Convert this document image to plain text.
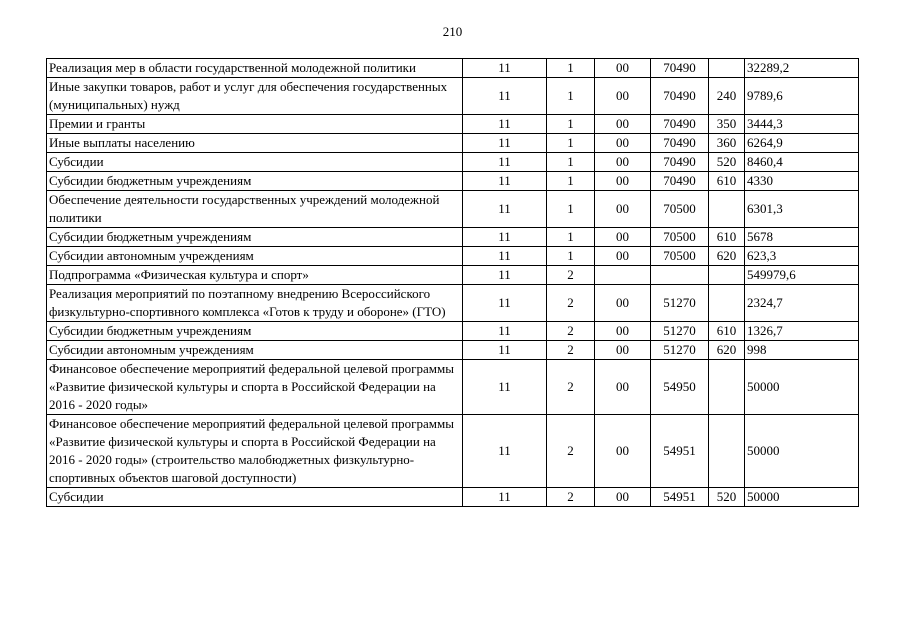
210
Реализация мер в области государственной молодежной политики	11	1	00	70490		32289,2
Иные закупки товаров, работ и услуг для обеспечения государственных (муниципальных) нужд	11	1	00	70490	240	9789,6
Премии и гранты	11	1	00	70490	350	3444,3
Иные выплаты населению	11	1	00	70490	360	6264,9
Субсидии	11	1	00	70490	520	8460,4
Субсидии бюджетным учреждениям	11	1	00	70490	610	4330
Обеспечение деятельности государственных учреждений молодежной политики	11	1	00	70500		6301,3
Субсидии бюджетным учреждениям	11	1	00	70500	610	5678
Субсидии автономным учреждениям	11	1	00	70500	620	623,3
Подпрограмма «Физическая культура и спорт»	11	2				549979,6
Реализация мероприятий по поэтапному внедрению Всероссийского физкультурно-спортивного комплекса «Готов к труду и обороне» (ГТО)	11	2	00	51270		2324,7
Субсидии бюджетным учреждениям	11	2	00	51270	610	1326,7
Субсидии автономным учреждениям	11	2	00	51270	620	998
Финансовое обеспечение мероприятий федеральной целевой программы «Развитие физической культуры и спорта в Российской Федерации на 2016 - 2020 годы»	11	2	00	54950		50000
Финансовое обеспечение мероприятий федеральной целевой программы «Развитие физической культуры и спорта в Российской Федерации на 2016 - 2020 годы» (строительство малобюджетных физкультурно-спортивных объектов шаговой доступности)	11	2	00	54951		50000
Субсидии	11	2	00	54951	520	50000
